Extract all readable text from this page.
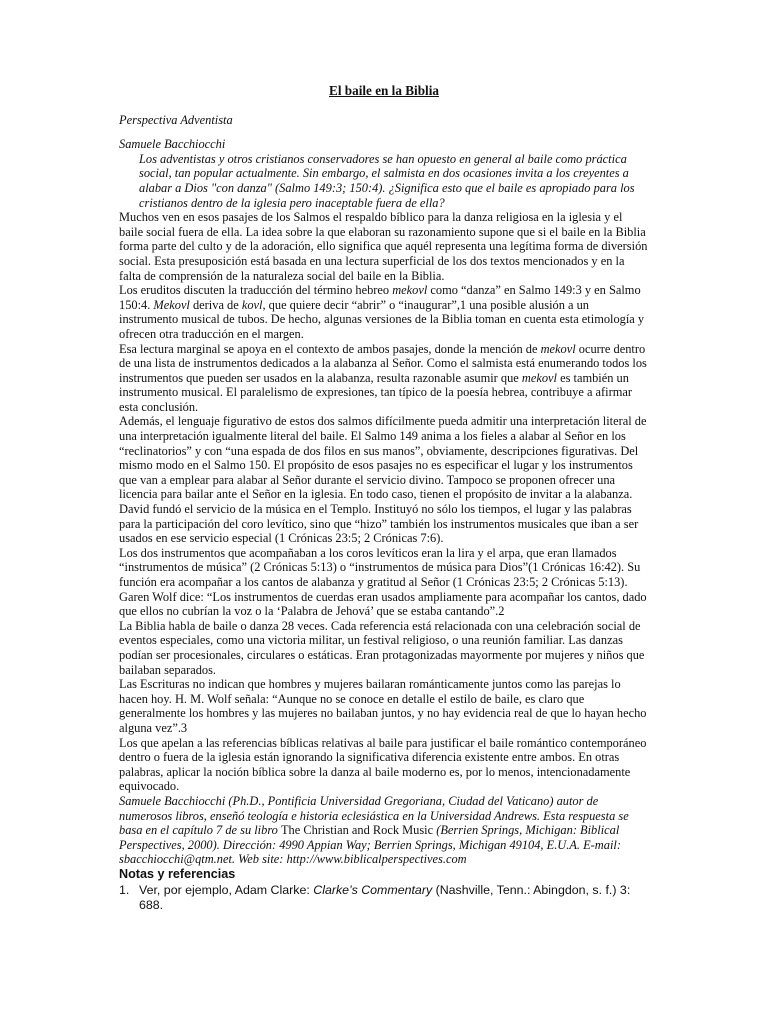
El baile en la Biblia

Perspectiva Adventista

Samuele Bacchiocchi

Los adventistas y otros cristianos conservadores se han opuesto en general al baile como práctica social, tan popular actualmente. Sin embargo, el salmista en dos ocasiones invita a los creyentes a alabar a Dios "con danza" (Salmo 149:3; 150:4). ¿Significa esto que el baile es apropiado para los cristianos dentro de la iglesia pero inaceptable fuera de ella?

Muchos ven en esos pasajes de los Salmos el respaldo bíblico para la danza religiosa en la iglesia y el baile social fuera de ella. La idea sobre la que elaboran su razonamiento supone que si el baile en la Biblia forma parte del culto y de la adoración, ello significa que aquél representa una legítima forma de diversión social. Esta presuposición está basada en una lectura superficial de los dos textos mencionados y en la falta de comprensión de la naturaleza social del baile en la Biblia.

Los eruditos discuten la traducción del término hebreo mekovl como “danza” en Salmo 149:3 y en Salmo 150:4. Mekovl deriva de kovl, que quiere decir “abrir” o “inaugurar”,1 una posible alusión a un instrumento musical de tubos. De hecho, algunas versiones de la Biblia toman en cuenta esta etimología y ofrecen otra traducción en el margen.

Esa lectura marginal se apoya en el contexto de ambos pasajes, donde la mención de mekovl ocurre dentro de una lista de instrumentos dedicados a la alabanza al Señor. Como el salmista está enumerando todos los instrumentos que pueden ser usados en la alabanza, resulta razonable asumir que mekovl es también un instrumento musical. El paralelismo de expresiones, tan típico de la poesía hebrea, contribuye a afirmar esta conclusión.

Además, el lenguaje figurativo de estos dos salmos difícilmente pueda admitir una interpretación literal de una interpretación igualmente literal del baile. El Salmo 149 anima a los fieles a alabar al Señor en los “reclinatorios” y con “una espada de dos filos en sus manos”, obviamente, descripciones figurativas. Del mismo modo en el Salmo 150. El propósito de esos pasajes no es especificar el lugar y los instrumentos que van a emplear para alabar al Señor durante el servicio divino. Tampoco se proponen ofrecer una licencia para bailar ante el Señor en la iglesia. En todo caso, tienen el propósito de invitar a la alabanza.

David fundó el servicio de la música en el Templo. Instituyó no sólo los tiempos, el lugar y las palabras para la participación del coro levítico, sino que “hizo” también los instrumentos musicales que iban a ser usados en ese servicio especial (1 Crónicas 23:5; 2 Crónicas 7:6).

Los dos instrumentos que acompañaban a los coros levíticos eran la lira y el arpa, que eran llamados “instrumentos de música” (2 Crónicas 5:13) o “instrumentos de música para Dios”(1 Crónicas 16:42). Su función era acompañar a los cantos de alabanza y gratitud al Señor (1 Crónicas 23:5; 2 Crónicas 5:13).

Garen Wolf dice: “Los instrumentos de cuerdas eran usados ampliamente para acompañar los cantos, dado que ellos no cubrían la voz o la ‘Palabra de Jehová’ que se estaba cantando”.2

La Biblia habla de baile o danza 28 veces. Cada referencia está relacionada con una celebración social de eventos especiales, como una victoria militar, un festival religioso, o una reunión familiar. Las danzas podían ser procesionales, circulares o estáticas. Eran protagonizadas mayormente por mujeres y niños que bailaban separados.

Las Escrituras no indican que hombres y mujeres bailaran románticamente juntos como las parejas lo hacen hoy. H. M. Wolf señala: “Aunque no se conoce en detalle el estilo de baile, es claro que generalmente los hombres y las mujeres no bailaban juntos, y no hay evidencia real de que lo hayan hecho alguna vez”.3

Los que apelan a las referencias bíblicas relativas al baile para justificar el baile romántico contemporáneo dentro o fuera de la iglesia están ignorando la significativa diferencia existente entre ambos. En otras palabras, aplicar la noción bíblica sobre la danza al baile moderno es, por lo menos, intencionadamente equivocado.

Samuele Bacchiocchi (Ph.D., Pontificia Universidad Gregoriana, Ciudad del Vaticano) autor de numerosos libros, enseñó teología e historia eclesiástica en la Universidad Andrews. Esta respuesta se basa en el capítulo 7 de su libro The Christian and Rock Music (Berrien Springs, Michigan: Biblical Perspectives, 2000). Dirección: 4990 Appian Way; Berrien Springs, Michigan 49104, E.U.A. E-mail: sbacchiocchi@qtm.net. Web site: http://www.biblicalperspectives.com

Notas y referencias
1. Ver, por ejemplo, Adam Clarke: Clarke’s Commentary (Nashville, Tenn.: Abingdon, s. f.) 3: 688.
